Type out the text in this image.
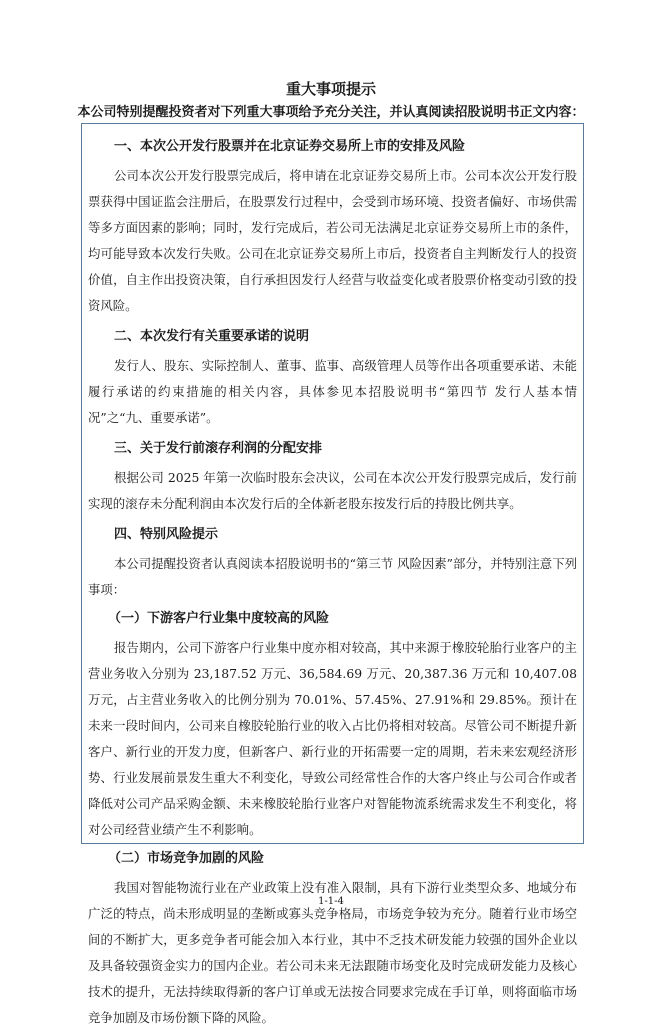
重大事项提示
本公司特别提醒投资者对下列重大事项给予充分关注，并认真阅读招股说明书正文内容：
一、本次公开发行股票并在北京证券交易所上市的安排及风险

公司本次公开发行股票完成后，将申请在北京证券交易所上市。公司本次公开发行股票获得中国证监会注册后，在股票发行过程中，会受到市场环境、投资者偏好、市场供需等多方面因素的影响；同时，发行完成后，若公司无法满足北京证券交易所上市的条件，均可能导致本次发行失败。公司在北京证券交易所上市后，投资者自主判断发行人的投资价值，自主作出投资决策，自行承担因发行人经营与收益变化或者股票价格变动引致的投资风险。

二、本次发行有关重要承诺的说明

发行人、股东、实际控制人、董事、监事、高级管理人员等作出各项重要承诺、未能履行承诺的约束措施的相关内容，具体参见本招股说明书“第四节 发行人基本情况”之“九、重要承诺”。

三、关于发行前滚存利润的分配安排

根据公司 2025 年第一次临时股东会决议，公司在本次公开发行股票完成后，发行前实现的滚存未分配利润由本次发行后的全体新老股东按发行后的持股比例共享。

四、特别风险提示

本公司提醒投资者认真阅读本招股说明书的“第三节 风险因素”部分，并特别注意下列事项：

（一）下游客户行业集中度较高的风险

报告期内，公司下游客户行业集中度亦相对较高，其中来源于橡胶轮胎行业客户的主营业务收入分别为 23,187.52 万元、36,584.69 万元、20,387.36 万元和 10,407.08 万元，占主营业务收入的比例分别为 70.01%、57.45%、27.91%和 29.85%。预计在未来一段时间内，公司来自橡胶轮胎行业的收入占比仍将相对较高。尽管公司不断提升新客户、新行业的开发力度，但新客户、新行业的开拓需要一定的周期，若未来宏观经济形势、行业发展前景发生重大不利变化，导致公司经常性合作的大客户终止与公司合作或者降低对公司产品采购金额、未来橡胶轮胎行业客户对智能物流系统需求发生不利变化，将对公司经营业绩产生不利影响。

（二）市场竞争加剧的风险

我国对智能物流行业在产业政策上没有准入限制，具有下游行业类型众多、地域分布广泛的特点，尚未形成明显的垄断或寡头竞争格局，市场竞争较为充分。随着行业市场空间的不断扩大，更多竞争者可能会加入本行业，其中不乏技术研发能力较强的国外企业以及具备较强资金实力的国内企业。若公司未来无法跟随市场变化及时完成研发能力及核心技术的提升，无法持续取得新的客户订单或无法按合同要求完成在手订单，则将面临市场竞争加剧及市场份额下降的风险。

1-1-4
